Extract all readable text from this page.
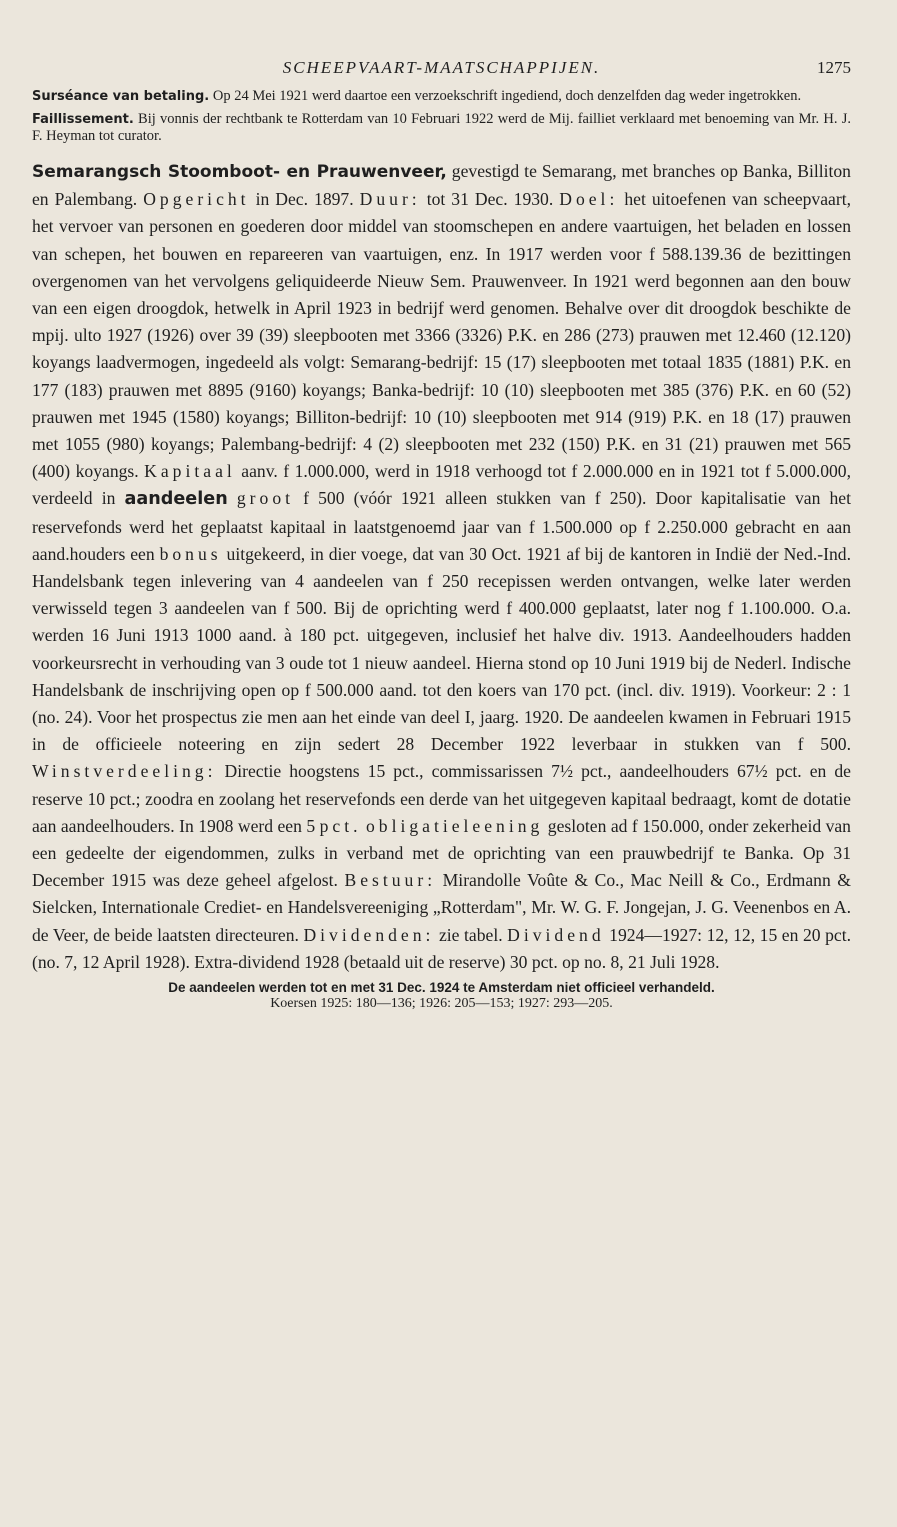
SCHEEPVAART-MAATSCHAPPIJEN.	1275

Surséance van betaling. Op 24 Mei 1921 werd daartoe een verzoekschrift ingediend, doch denzelfden dag weder ingetrokken.

Faillissement. Bij vonnis der rechtbank te Rotterdam van 10 Februari 1922 werd de Mij. failliet verklaard met benoeming van Mr. H. J. F. Heyman tot curator.

Semarangsch Stoomboot- en Prauwenveer, gevestigd te Semarang, met branches op Banka, Billiton en Palembang. Opgericht in Dec. 1897. Duur: tot 31 Dec. 1930. Doel: het uitoefenen van scheepvaart, het vervoer van personen en goederen door middel van stoomschepen en andere vaartuigen, het beladen en lossen van schepen, het bouwen en repareeren van vaartuigen, enz. In 1917 werden voor f 588.139.36 de bezittingen overgenomen van het vervolgens geliquideerde Nieuw Sem. Prauwenveer. In 1921 werd begonnen aan den bouw van een eigen droogdok, hetwelk in April 1923 in bedrijf werd genomen. Behalve over dit droogdok beschikte de mpij. ulto 1927 (1926) over 39 (39) sleepbooten met 3366 (3326) P.K. en 286 (273) prauwen met 12.460 (12.120) koyangs laadvermogen, ingedeeld als volgt: Semarang-bedrijf: 15 (17) sleepbooten met totaal 1835 (1881) P.K. en 177 (183) prauwen met 8895 (9160) koyangs; Banka-bedrijf: 10 (10) sleepbooten met 385 (376) P.K. en 60 (52) prauwen met 1945 (1580) koyangs; Billiton-bedrijf: 10 (10) sleepbooten met 914 (919) P.K. en 18 (17) prauwen met 1055 (980) koyangs; Palembang-bedrijf: 4 (2) sleepbooten met 232 (150) P.K. en 31 (21) prauwen met 565 (400) koyangs. Kapitaal aanv. f 1.000.000, werd in 1918 verhoogd tot f 2.000.000 en in 1921 tot f 5.000.000, verdeeld in aandeelen groot f 500 (vóór 1921 alleen stukken van f 250). Door kapitalisatie van het reservefonds werd het geplaatst kapitaal in laatstgenoemd jaar van f 1.500.000 op f 2.250.000 gebracht en aan aand.houders een bonus uitgekeerd, in dier voege, dat van 30 Oct. 1921 af bij de kantoren in Indië der Ned.-Ind. Handelsbank tegen inlevering van 4 aandeelen van f 250 recepissen werden ontvangen, welke later werden verwisseld tegen 3 aandeelen van f 500. Bij de oprichting werd f 400.000 geplaatst, later nog f 1.100.000. O.a. werden 16 Juni 1913 1000 aand. à 180 pct. uitgegeven, inclusief het halve div. 1913. Aandeelhouders hadden voorkeursrecht in verhouding van 3 oude tot 1 nieuw aandeel. Hierna stond op 10 Juni 1919 bij de Nederl. Indische Handelsbank de inschrijving open op f 500.000 aand. tot den koers van 170 pct. (incl. div. 1919). Voorkeur: 2 : 1 (no. 24). Voor het prospectus zie men aan het einde van deel I, jaarg. 1920. De aandeelen kwamen in Februari 1915 in de officieele noteering en zijn sedert 28 December 1922 leverbaar in stukken van f 500. Winstverdeeling: Directie hoogstens 15 pct., commissarissen 7½ pct., aandeelhouders 67½ pct. en de reserve 10 pct.; zoodra en zoolang het reservefonds een derde van het uitgegeven kapitaal bedraagt, komt de dotatie aan aandeelhouders. In 1908 werd een 5 pct. obligatieleening gesloten ad f 150.000, onder zekerheid van een gedeelte der eigendommen, zulks in verband met de oprichting van een prauwbedrijf te Banka. Op 31 December 1915 was deze geheel afgelost. Bestuur: Mirandolle Voûte & Co., Mac Neill & Co., Erdmann & Sielcken, Internationale Crediet- en Handelsvereeniging „Rotterdam", Mr. W. G. F. Jongejan, J. G. Veenenbos en A. de Veer, de beide laatsten directeuren. Dividenden: zie tabel. Dividend 1924—1927: 12, 12, 15 en 20 pct. (no. 7, 12 April 1928). Extra-dividend 1928 (betaald uit de reserve) 30 pct. op no. 8, 21 Juli 1928.

De aandeelen werden tot en met 31 Dec. 1924 te Amsterdam niet officieel verhandeld.
Koersen 1925: 180—136; 1926: 205—153; 1927: 293—205.
